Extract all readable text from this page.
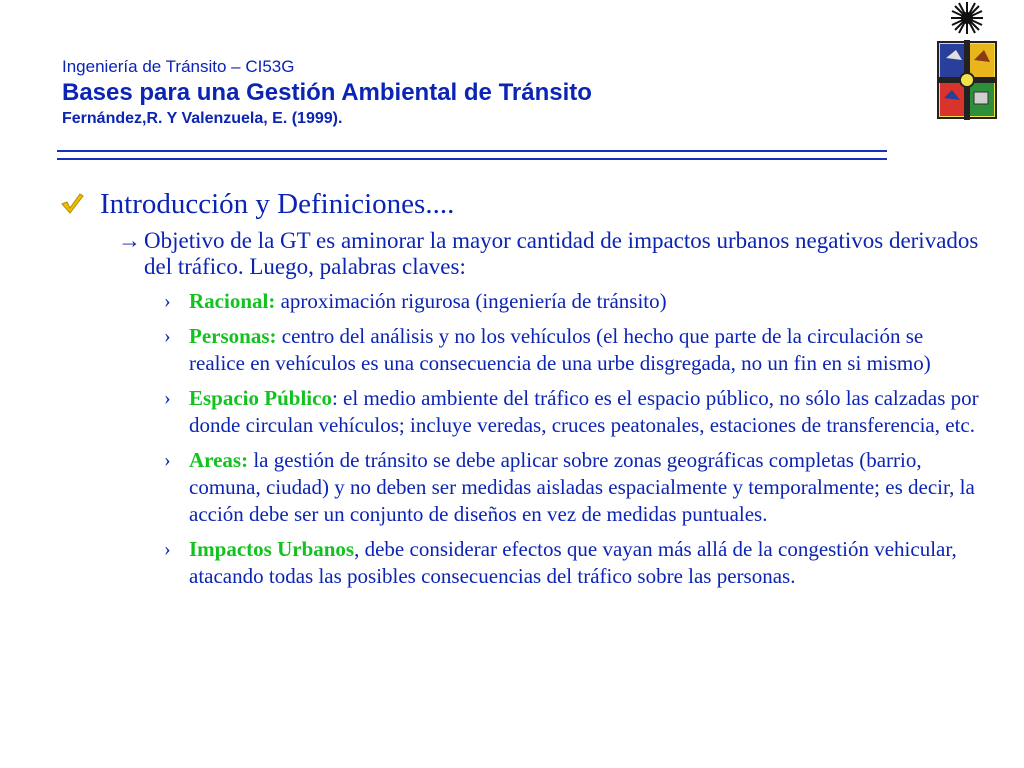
Ingeniería de Tránsito – CI53G
Bases para una Gestión Ambiental de Tránsito
Fernández,R. Y Valenzuela, E. (1999).
Introducción y Definiciones....
→ Objetivo de la GT es aminorar la mayor cantidad de impactos urbanos negativos derivados del tráfico. Luego, palabras claves:
› Racional: aproximación rigurosa (ingeniería de tránsito)
› Personas: centro del análisis y no los vehículos (el hecho que parte de la circulación se realice en vehículos es una consecuencia de una urbe disgregada, no un fin en si mismo)
› Espacio Público: el medio ambiente del tráfico es el espacio público, no sólo las calzadas por donde circulan vehículos; incluye veredas, cruces peatonales, estaciones de transferencia, etc.
› Areas: la gestión de tránsito se debe aplicar sobre zonas geográficas completas (barrio, comuna, ciudad) y no deben ser medidas aisladas espacialmente y temporalmente; es decir, la acción debe ser un conjunto de diseños en vez de medidas puntuales.
› Impactos Urbanos, debe considerar efectos que vayan más allá de la congestión vehicular, atacando todas las posibles consecuencias del tráfico sobre las personas.
